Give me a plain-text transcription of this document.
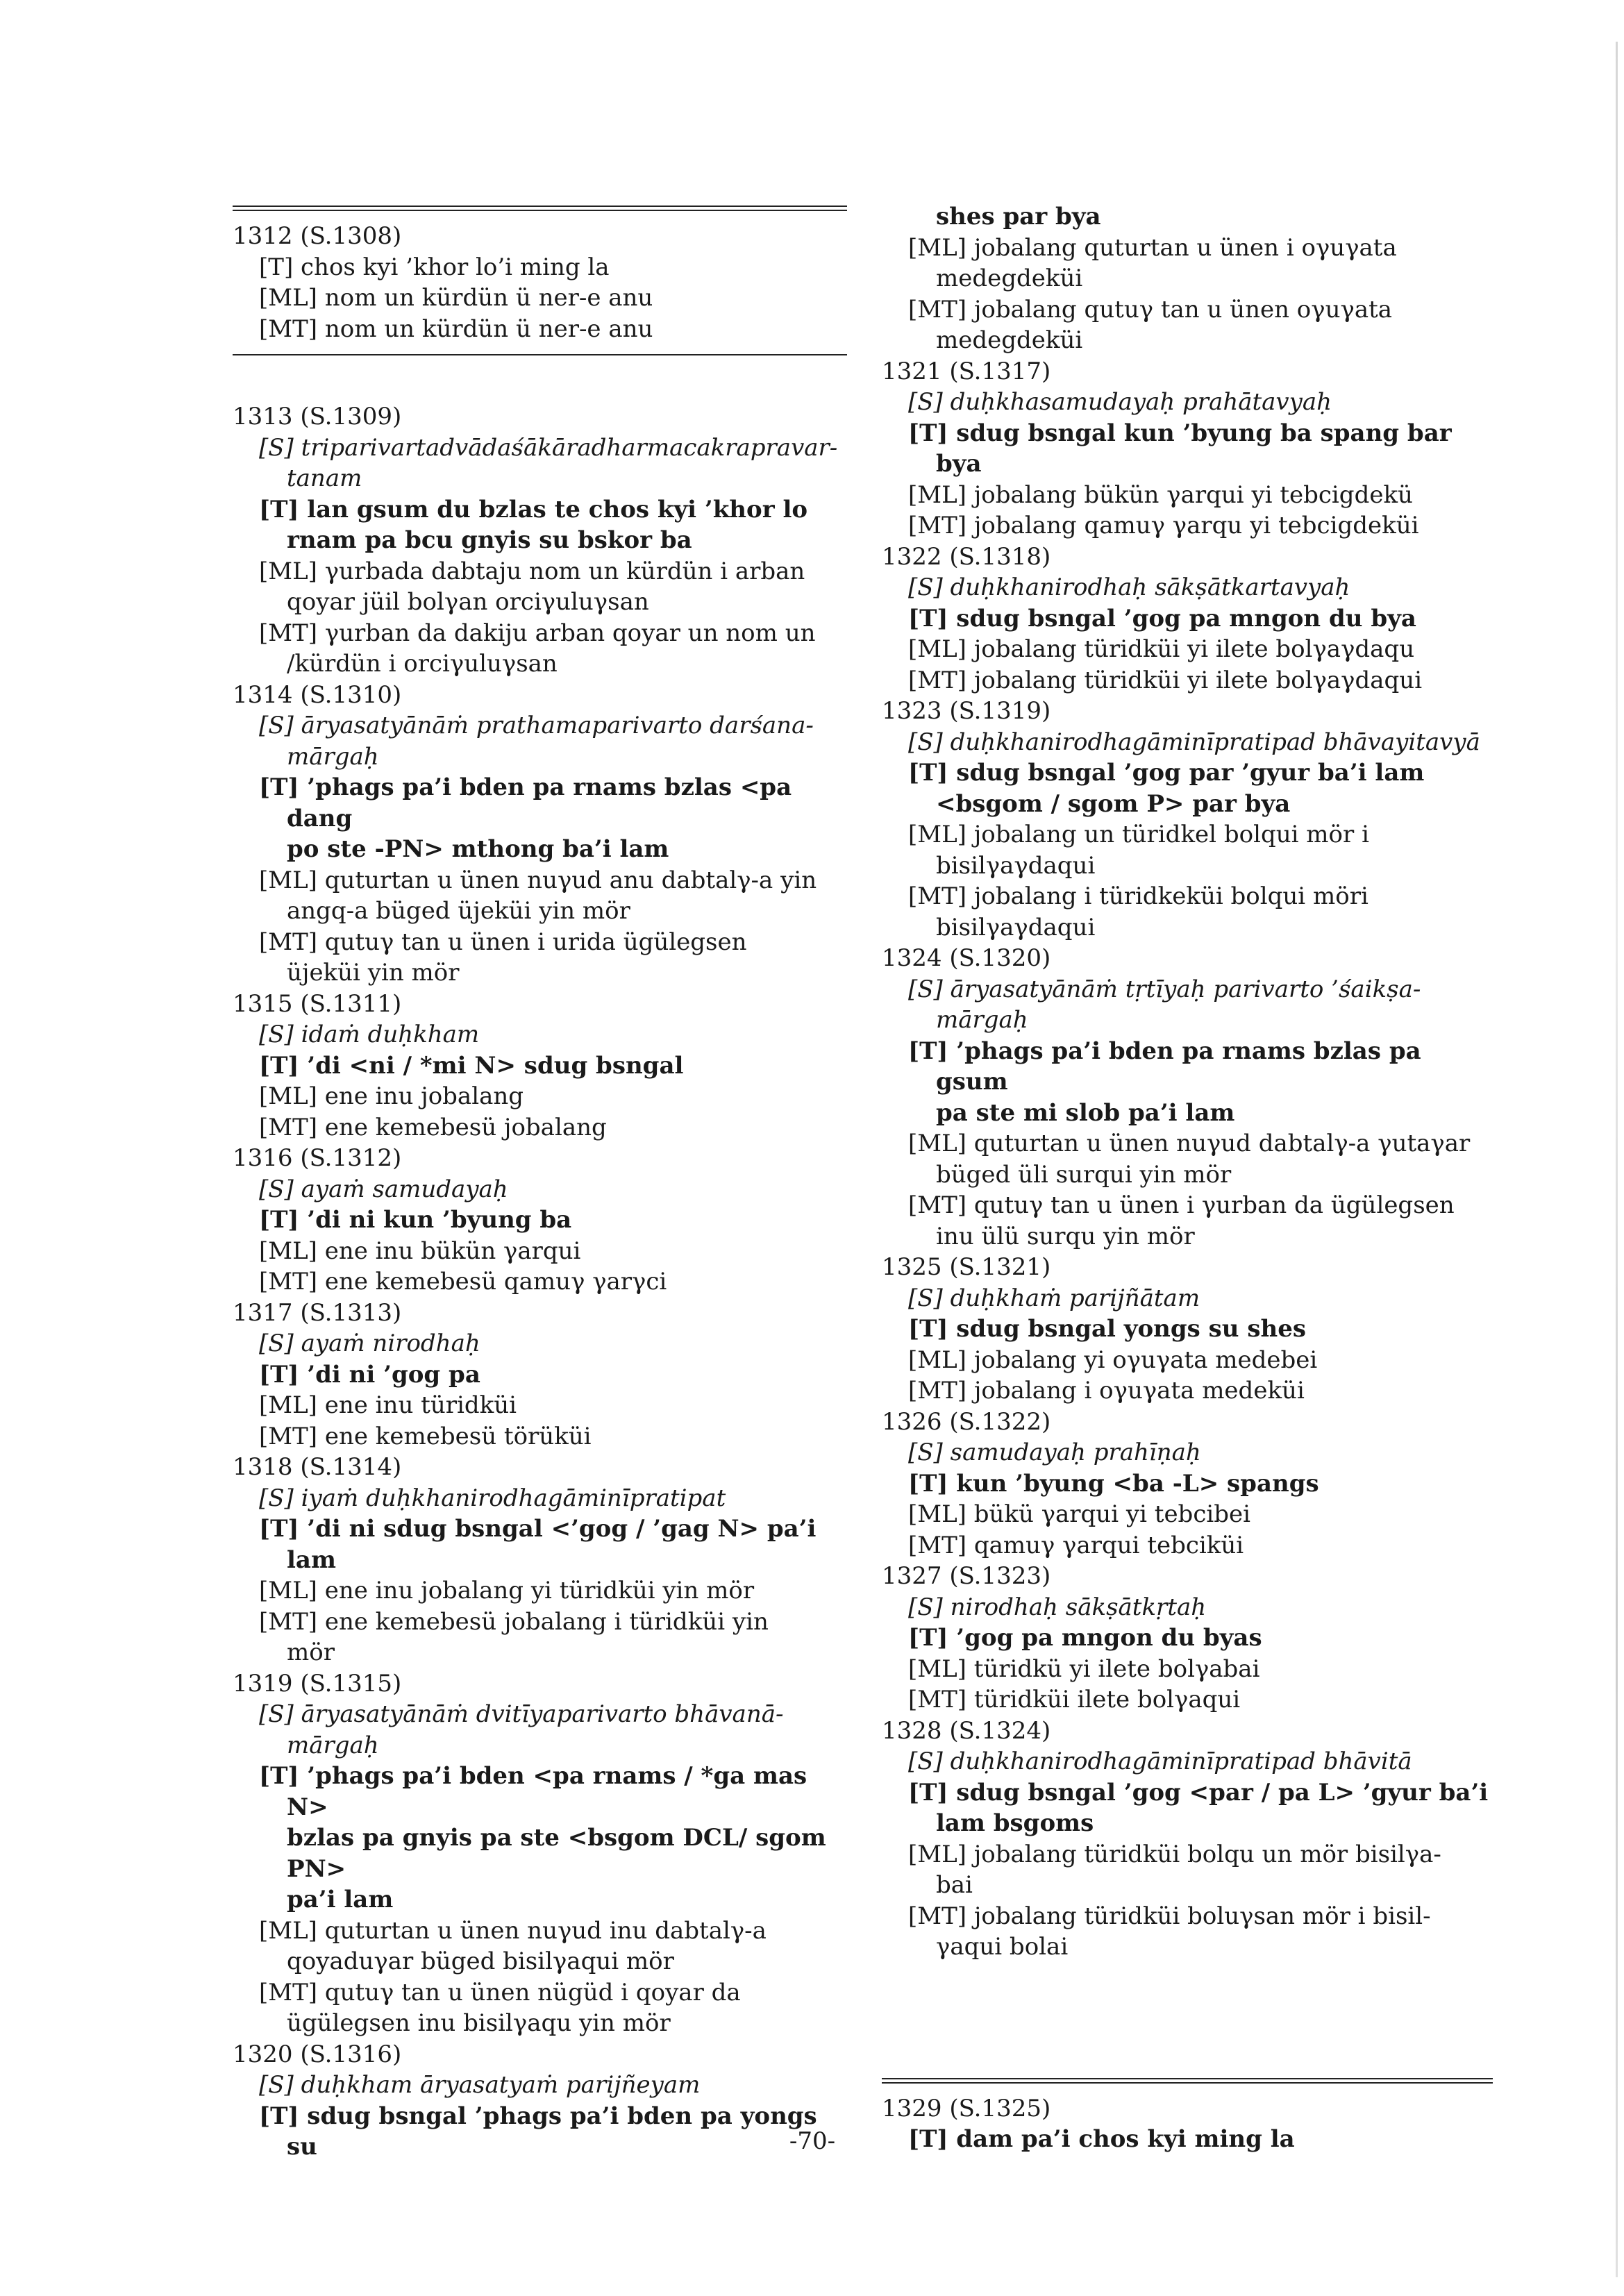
1312 (S.1308)

[T] chos kyi ’khor lo’i ming la

[ML] nom un kürdün ü ner-e anu

[MT] nom un kürdün ü ner-e anu

1313 (S.1309)

[S] triparivartadvādaśākāradharmacakrapravar-

tanam

[T] lan gsum du bzlas te chos kyi ’khor lo

rnam pa bcu gnyis su bskor ba

[ML] γurbada dabtaju nom un kürdün i arban

qoyar jüil bolγan orciγuluγsan

[MT] γurban da dakiju arban qoyar un nom un

/kürdün i orciγuluγsan

1314 (S.1310)

[S] āryasatyānāṁ prathamaparivarto darśana-

mārgaḥ

[T] ’phags pa’i bden pa rnams bzlas <pa dang

po ste -PN> mthong ba’i lam

[ML] quturtan u ünen nuγud anu dabtalγ-a yin

angq-a büged üjeküi yin mör

[MT] qutuγ tan u ünen i urida ügülegsen

üjeküi yin mör

1315 (S.1311)

[S] idaṁ duḥkham

[T] ’di <ni / *mi N> sdug bsngal

[ML] ene inu jobalang

[MT] ene kemebesü jobalang

1316 (S.1312)

[S] ayaṁ samudayaḥ

[T] ’di ni kun ’byung ba

[ML] ene inu bükün γarqui

[MT] ene kemebesü qamuγ γarγci

1317 (S.1313)

[S] ayaṁ nirodhaḥ

[T] ’di ni ’gog pa

[ML] ene inu türidküi

[MT] ene kemebesü törüküi

1318 (S.1314)

[S] iyaṁ duḥkhanirodhagāminīpratipat

[T] ’di ni sdug bsngal <’gog / ’gag N> pa’i

lam

[ML] ene inu jobalang yi türidküi yin mör

[MT] ene kemebesü jobalang i türidküi yin

mör

1319 (S.1315)

[S] āryasatyānāṁ dvitīyaparivarto bhāvanā-

mārgaḥ

[T] ’phags pa’i bden <pa rnams / *ga mas N>

bzlas pa gnyis pa ste <bsgom DCL/ sgom PN>

pa’i lam

[ML] quturtan u ünen nuγud inu dabtalγ-a

qoyaduγar büged bisilγaqui mör

[MT] qutuγ tan u ünen nügüd i qoyar da

ügülegsen inu bisilγaqu yin mör

1320 (S.1316)

[S] duḥkham āryasatyaṁ parijñeyam

[T] sdug bsngal ’phags pa’i bden pa yongs su

shes par bya

[ML] jobalang quturtan u ünen i oγuγata

medegdeküi

[MT] jobalang qutuγ tan u ünen oγuγata

medegdeküi

1321 (S.1317)

[S] duḥkhasamudayaḥ prahātavyaḥ

[T] sdug bsngal kun ’byung ba spang bar bya

[ML] jobalang bükün γarqui yi tebcigdekü

[MT] jobalang qamuγ γarqu yi tebcigdeküi

1322 (S.1318)

[S] duḥkhanirodhaḥ sākṣātkartavyaḥ

[T] sdug bsngal ’gog pa mngon du bya

[ML] jobalang türidküi yi ilete bolγaγdaqu

[MT] jobalang türidküi yi ilete bolγaγdaqui

1323 (S.1319)

[S] duḥkhanirodhagāminīpratipad bhāvayitavyā

[T] sdug bsngal ’gog par ’gyur ba’i lam

<bsgom / sgom P> par bya

[ML] jobalang un türidkel bolqui mör i

bisilγaγdaqui

[MT] jobalang i türidkeküi bolqui möri

bisilγaγdaqui

1324 (S.1320)

[S] āryasatyānāṁ tṛtīyaḥ parivarto ’śaikṣa-

mārgaḥ

[T] ’phags pa’i bden pa rnams bzlas pa gsum

pa ste mi slob pa’i lam

[ML] quturtan u ünen nuγud dabtalγ-a γutaγar

büged üli surqui yin mör

[MT] qutuγ tan u ünen i γurban da ügülegsen

inu ülü surqu yin mör

1325 (S.1321)

[S] duḥkhaṁ parijñātam

[T] sdug bsngal yongs su shes

[ML] jobalang yi oγuγata medebei

[MT] jobalang i oγuγata medeküi

1326 (S.1322)

[S] samudayaḥ prahīṇaḥ

[T] kun ’byung <ba -L> spangs

[ML] bükü γarqui yi tebcibei

[MT] qamuγ γarqui tebciküi

1327 (S.1323)

[S] nirodhaḥ sākṣātkṛtaḥ

[T] ’gog pa mngon du byas

[ML] türidkü yi ilete bolγabai

[MT] türidküi ilete bolγaqui

1328 (S.1324)

[S] duḥkhanirodhagāminīpratipad bhāvitā

[T] sdug bsngal ’gog <par / pa L> ’gyur ba’i

lam bsgoms

[ML] jobalang türidküi bolqu un mör bisilγa-

bai

[MT] jobalang türidküi boluγsan mör i bisil-

γaqui bolai

1329 (S.1325)

[T] dam pa’i chos kyi ming la

-70-
